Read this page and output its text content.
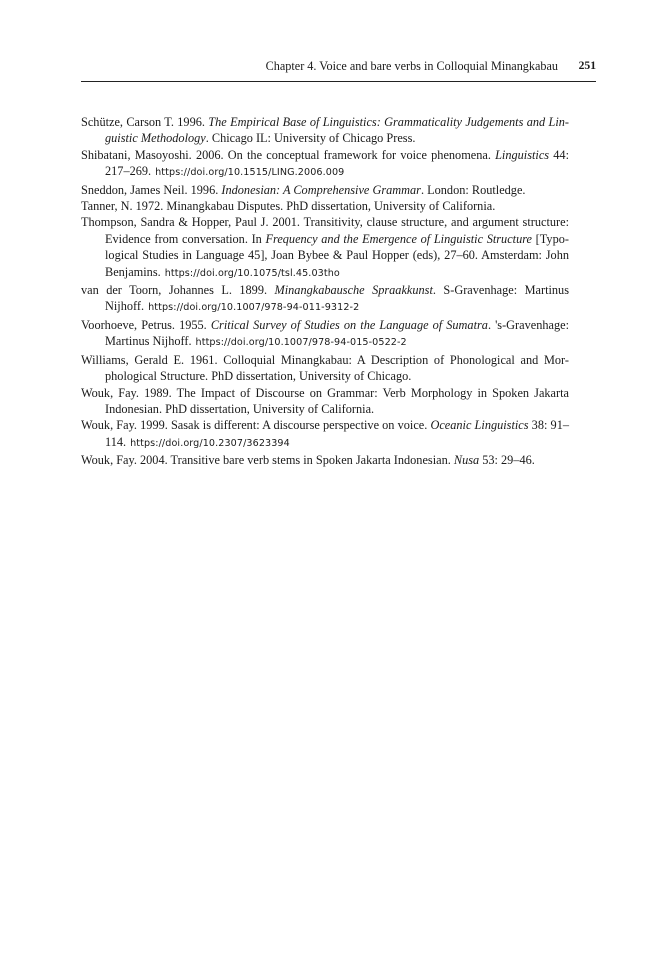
Chapter 4. Voice and bare verbs in Colloquial Minangkabau 251

Schütze, Carson T. 1996. The Empirical Base of Linguistics: Grammaticality Judgements and Lin-guistic Methodology. Chicago IL: University of Chicago Press.

Shibatani, Masoyoshi. 2006. On the conceptual framework for voice phenomena. Linguistics 44: 217–269. https://doi.org/10.1515/LING.2006.009

Sneddon, James Neil. 1996. Indonesian: A Comprehensive Grammar. London: Routledge.

Tanner, N. 1972. Minangkabau Disputes. PhD dissertation, University of California.

Thompson, Sandra & Hopper, Paul J. 2001. Transitivity, clause structure, and argument structure: Evidence from conversation. In Frequency and the Emergence of Linguistic Structure [Typo-logical Studies in Language 45], Joan Bybee & Paul Hopper (eds), 27–60. Amsterdam: John Benjamins. https://doi.org/10.1075/tsl.45.03tho

van der Toorn, Johannes L. 1899. Minangkabausche Spraakkunst. S-Gravenhage: Martinus Nijhoff. https://doi.org/10.1007/978-94-011-9312-2

Voorhoeve, Petrus. 1955. Critical Survey of Studies on the Language of Sumatra. 's-Gravenhage: Martinus Nijhoff. https://doi.org/10.1007/978-94-015-0522-2

Williams, Gerald E. 1961. Colloquial Minangkabau: A Description of Phonological and Mor-phological Structure. PhD dissertation, University of Chicago.

Wouk, Fay. 1989. The Impact of Discourse on Grammar: Verb Morphology in Spoken Jakarta Indonesian. PhD dissertation, University of California.

Wouk, Fay. 1999. Sasak is different: A discourse perspective on voice. Oceanic Linguistics 38: 91–114. https://doi.org/10.2307/3623394

Wouk, Fay. 2004. Transitive bare verb stems in Spoken Jakarta Indonesian. Nusa 53: 29–46.
